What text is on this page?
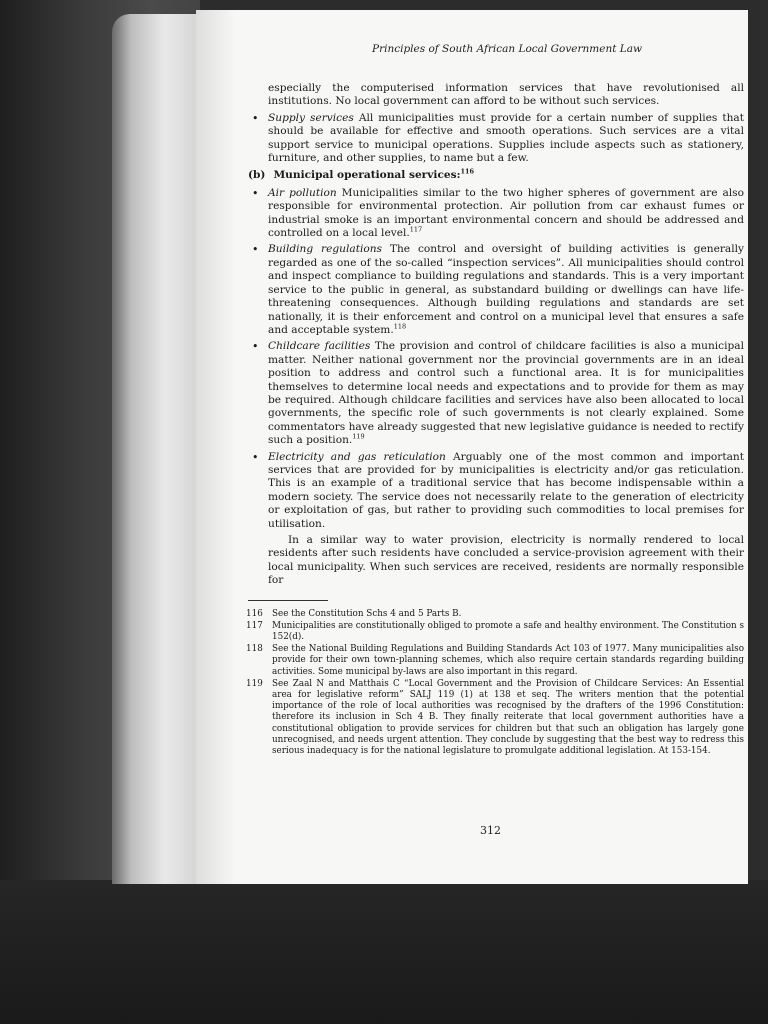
Principles of South African Local Government Law

especially the computerised information services that have revolutionised all institutions. No local government can afford to be without such services.

• Supply services All municipalities must provide for a certain number of supplies that should be available for effective and smooth operations. Such services are a vital support service to municipal operations. Supplies include aspects such as stationery, furniture, and other supplies, to name but a few.
(b) Municipal operational services:$^{116}$
• Air pollution Municipalities similar to the two higher spheres of government are also responsible for environmental protection. Air pollution from car exhaust fumes or industrial smoke is an important environmental concern and should be addressed and controlled on a local level.$^{117}$
• Building regulations The control and oversight of building activities is generally regarded as one of the so-called “inspection services”. All municipalities should control and inspect compliance to building regulations and standards. This is a very important service to the public in general, as substandard building or dwellings can have life-threatening consequences. Although building regulations and standards are set nationally, it is their enforcement and control on a municipal level that ensures a safe and acceptable system.$^{118}$
• Childcare facilities The provision and control of childcare facilities is also a municipal matter. Neither national government nor the provincial governments are in an ideal position to address and control such a functional area. It is for municipalities themselves to determine local needs and expectations and to provide for them as may be required. Although childcare facilities and services have also been allocated to local governments, the specific role of such governments is not clearly explained. Some commentators have already suggested that new legislative guidance is needed to rectify such a position.$^{119}$
• Electricity and gas reticulation Arguably one of the most common and important services that are provided for by municipalities is electricity and/or gas reticulation. This is an example of a traditional service that has become indispensable within a modern society. The service does not necessarily relate to the generation of electricity or exploitation of gas, but rather to providing such commodities to local premises for utilisation.

In a similar way to water provision, electricity is normally rendered to local residents after such residents have concluded a service-provision agreement with their local municipality. When such services are received, residents are normally responsible for

116 See the Constitution Schs 4 and 5 Parts B.
117 Municipalities are constitutionally obliged to promote a safe and healthy environment. The Constitution s 152(d).
118 See the National Building Regulations and Building Standards Act 103 of 1977. Many municipalities also provide for their own town-planning schemes, which also require certain standards regarding building activities. Some municipal by-laws are also important in this regard.
119 See Zaal N and Matthais C “Local Government and the Provision of Childcare Services: An Essential area for legislative reform” SALJ 119 (1) at 138 et seq. The writers mention that the potential importance of the role of local authorities was recognised by the drafters of the 1996 Constitution: therefore its inclusion in Sch 4 B. They finally reiterate that local government authorities have a constitutional obligation to provide services for children but that such an obligation has largely gone unrecognised, and needs urgent attention. They conclude by suggesting that the best way to redress this serious inadequacy is for the national legislature to promulgate additional legislation. At 153-154.
312
